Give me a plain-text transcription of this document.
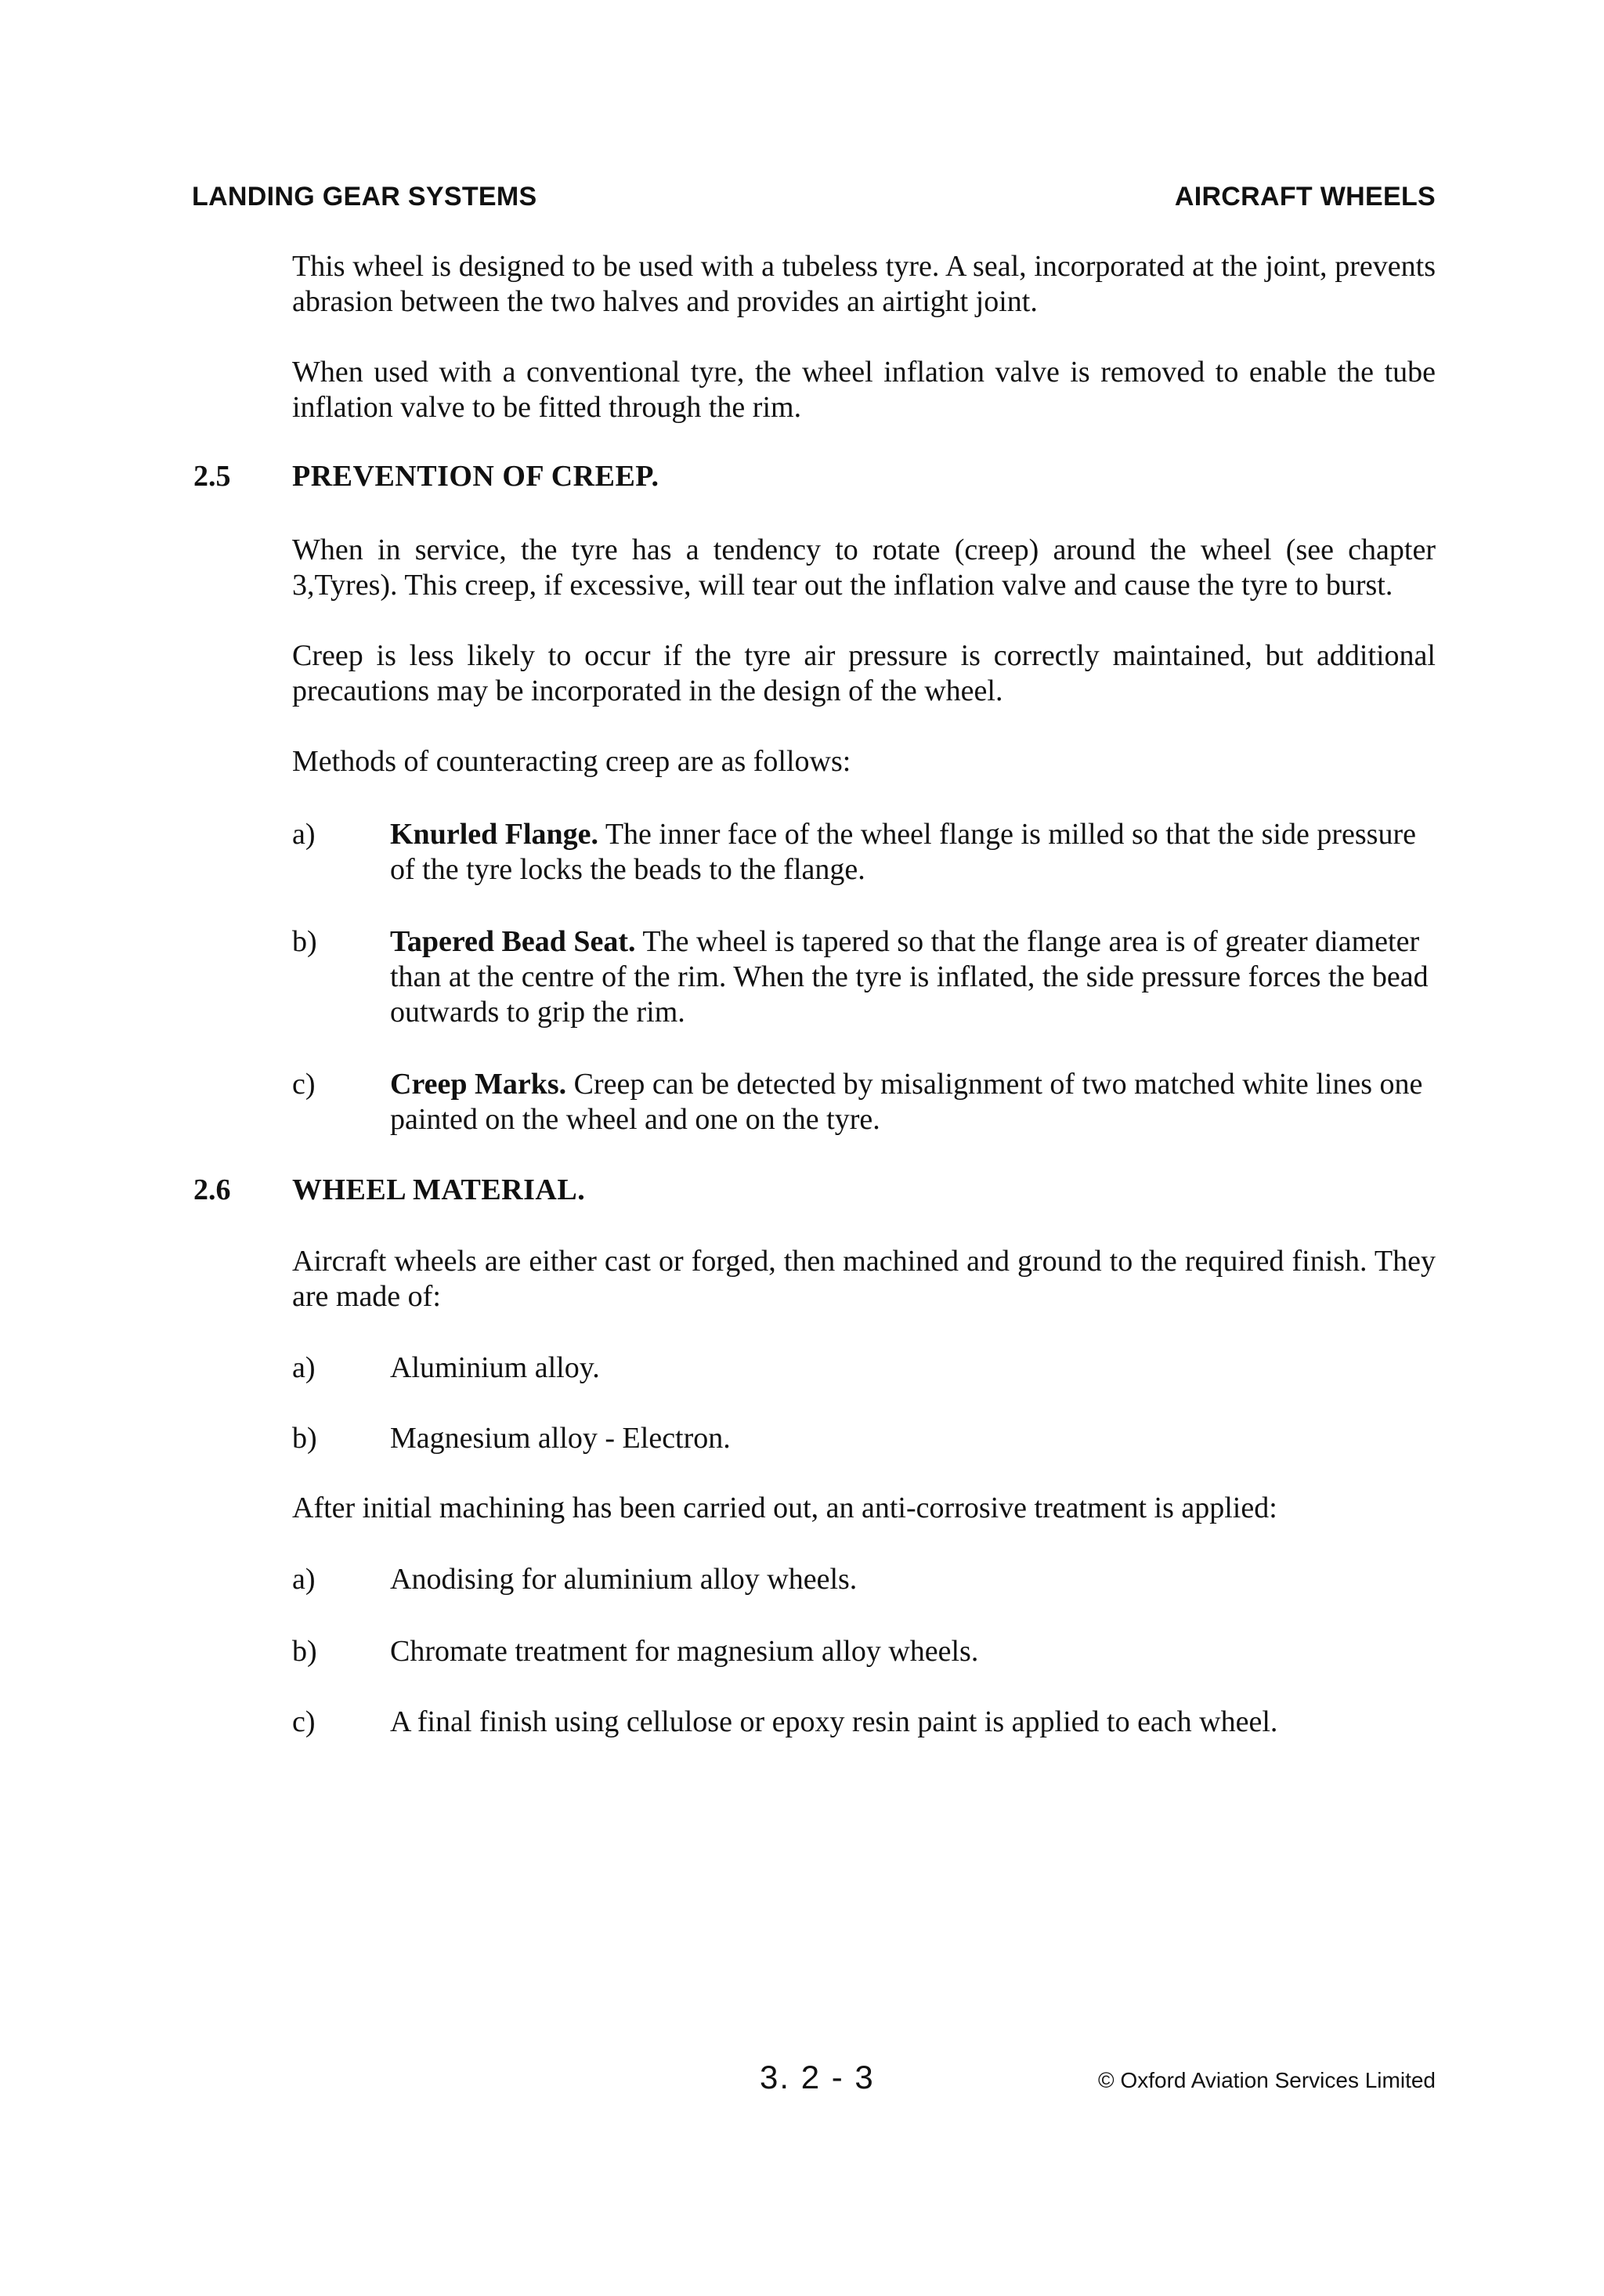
LANDING GEAR SYSTEMS	AIRCRAFT WHEELS
This wheel is designed to be used with a tubeless tyre. A seal, incorporated at the joint, prevents abrasion between the two halves and provides an airtight joint.
When used with a conventional tyre, the wheel inflation valve is removed to enable the tube inflation valve to be fitted through the rim.
2.5 PREVENTION OF CREEP.
When in service, the tyre has a tendency to rotate (creep) around the wheel (see chapter 3,Tyres). This creep, if excessive, will tear out the inflation valve and cause the tyre to burst.
Creep is less likely to occur if the tyre air pressure is correctly maintained, but additional precautions may be incorporated in the design of the wheel.
Methods of counteracting creep are as follows:
a)	Knurled Flange. The inner face of the wheel flange is milled so that the side pressure of the tyre locks the beads to the flange.
b) Tapered Bead Seat. The wheel is tapered so that the flange area is of greater diameter than at the centre of the rim. When the tyre is inflated, the side pressure forces the bead outwards to grip the rim.
c)	Creep Marks. Creep can be detected by misalignment of two matched white lines one painted on the wheel and one on the tyre.
2.6 WHEEL MATERIAL.
Aircraft wheels are either cast or forged, then machined and ground to the required finish. They are made of:
a)	Aluminium alloy.
b) Magnesium alloy - Electron.
After initial machining has been carried out, an anti-corrosive treatment is applied:
a)	Anodising for aluminium alloy wheels.
b) Chromate treatment for magnesium alloy wheels.
c)	A final finish using cellulose or epoxy resin paint is applied to each wheel.
3. 2 - 3	© Oxford Aviation Services Limited
